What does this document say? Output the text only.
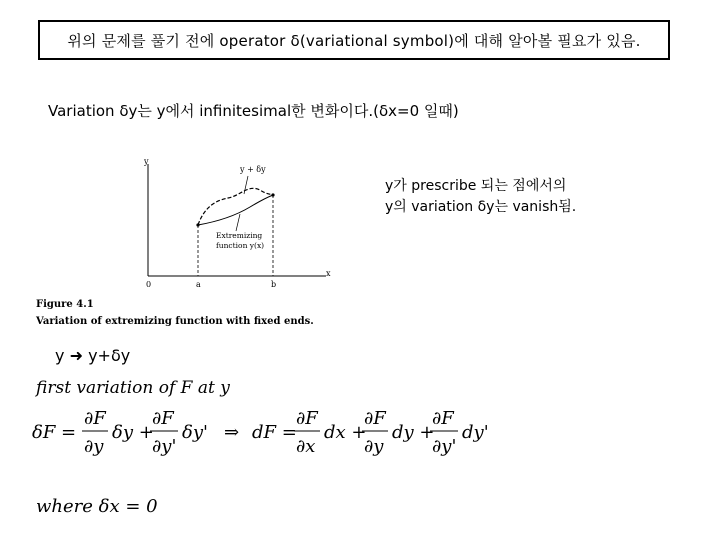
위의 문제를 풀기 전에 operator δ(variational symbol)에 대해 알아볼 필요가 있음.
Variation δy는 y에서 infinitesimal한 변화이다.(δx=0 일때)
y가 prescribe 되는 점에서의
y의 variation δy는 vanish됨.
y
x
0	a	b
y + δy
Extremizing
function y(x)
Figure 4.1
Variation of extremizing function with fixed ends.
y ➜ y+δy
first variation of F at y
δF =
∂F
∂y
δy +
∂F
∂y'
δy' ⇒ dF =
∂F
∂x
dx +
∂F
∂y
dy +
∂F
∂y'
dy'
where δx = 0
